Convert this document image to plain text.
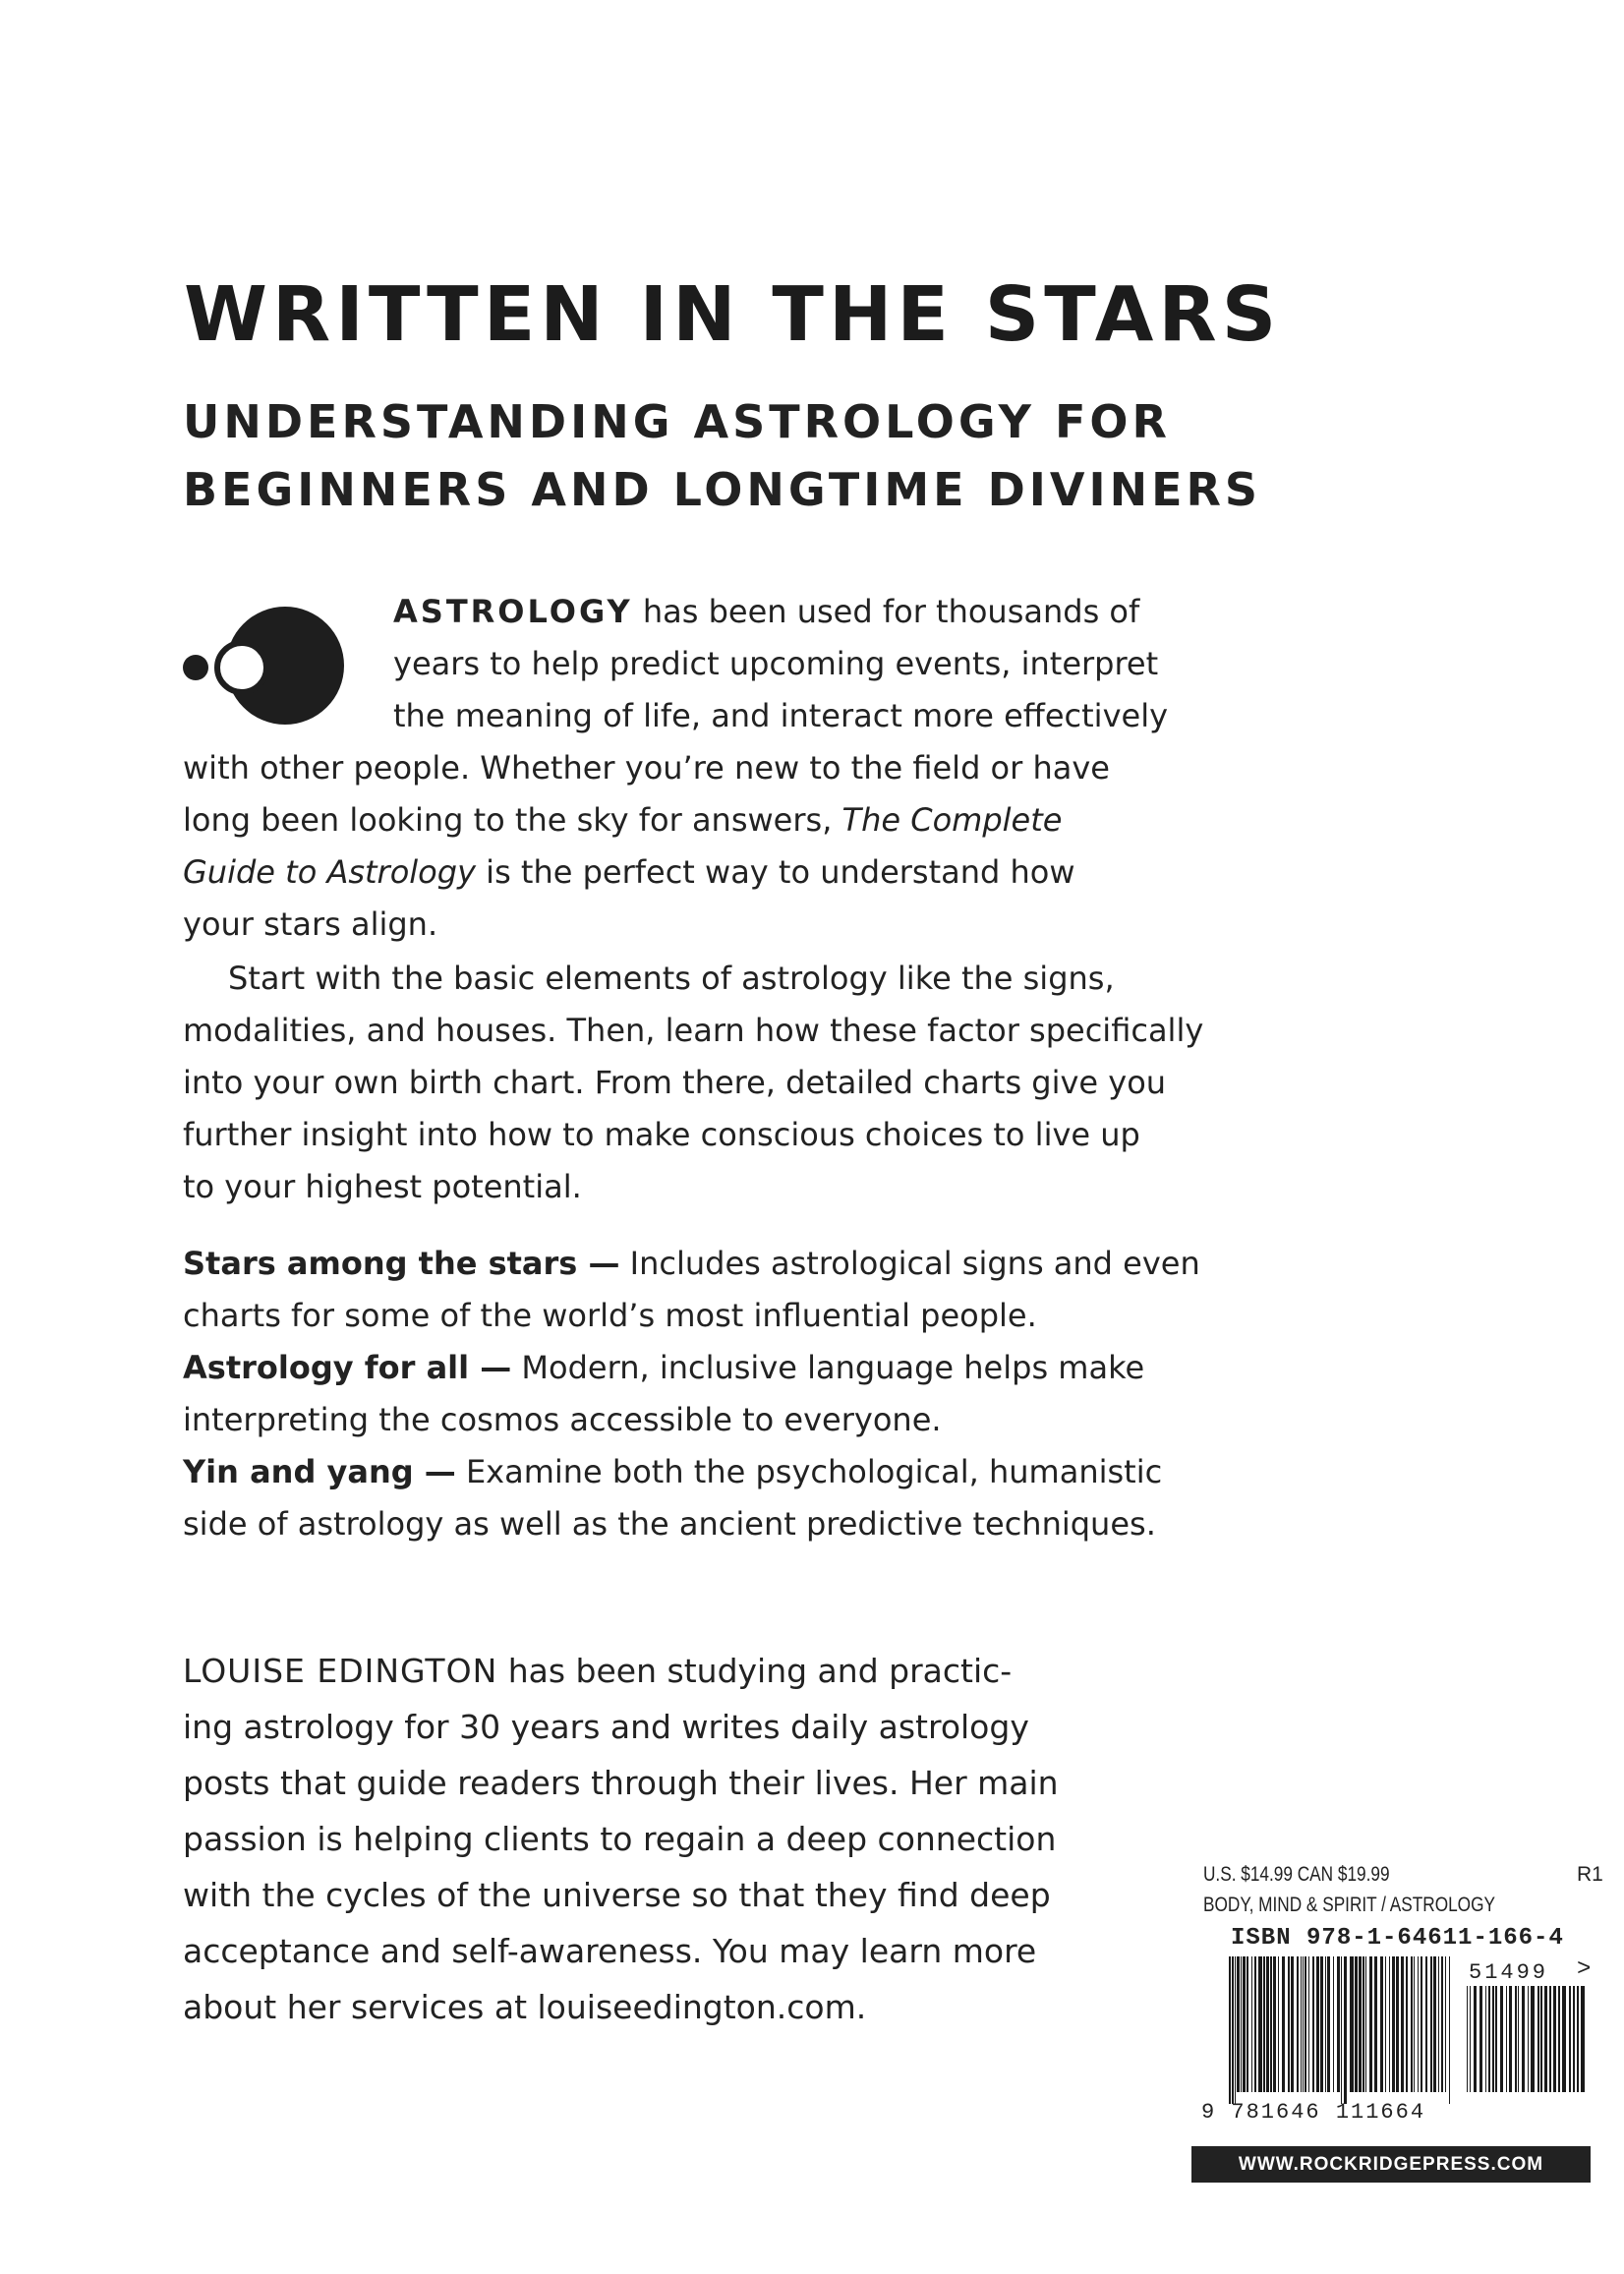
WRITTEN IN THE STARS
UNDERSTANDING ASTROLOGY FOR
BEGINNERS AND LONGTIME DIVINERS
ASTROLOGY has been used for thousands of
years to help predict upcoming events, interpret
the meaning of life, and interact more effectively
with other people. Whether you’re new to the field or have
long been looking to the sky for answers, The Complete
Guide to Astrology is the perfect way to understand how
your stars align.
Start with the basic elements of astrology like the signs,
modalities, and houses. Then, learn how these factor specifically
into your own birth chart. From there, detailed charts give you
further insight into how to make conscious choices to live up
to your highest potential.
Stars among the stars — Includes astrological signs and even
charts for some of the world’s most influential people.
Astrology for all — Modern, inclusive language helps make
interpreting the cosmos accessible to everyone.
Yin and yang — Examine both the psychological, humanistic
side of astrology as well as the ancient predictive techniques.
LOUISE EDINGTON has been studying and practic-
ing astrology for 30 years and writes daily astrology
posts that guide readers through their lives. Her main
passion is helping clients to regain a deep connection
with the cycles of the universe so that they find deep
acceptance and self-awareness. You may learn more
about her services at louiseedington.com.
U.S. $14.99 CAN $19.99	R1
BODY, MIND & SPIRIT / ASTROLOGY
ISBN 978-1-64611-166-4
51499 >
9 781646 111664
WWW.ROCKRIDGEPRESS.COM
